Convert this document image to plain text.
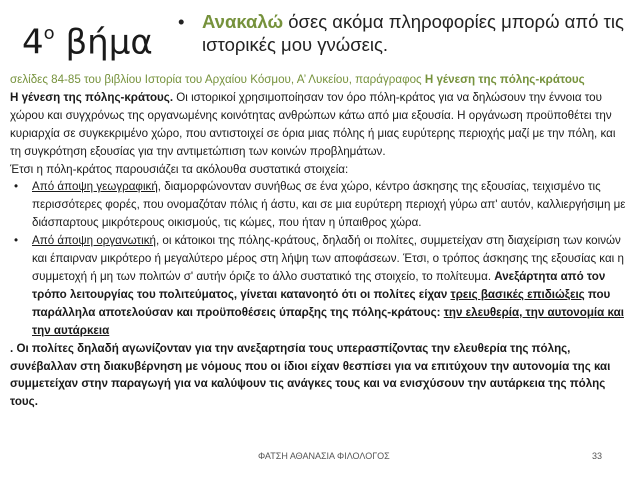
$4^o$ βήμα
• Ανακαλώ όσες ακόμα πληροφορίες μπορώ από τις ιστορικές μου γνώσεις.

σελίδες 84-85 του βιβλίου Ιστορία του Αρχαίου Κόσμου, Α’ Λυκείου, παράγραφος Η γένεση της πόλης-κράτους

Η γένεση της πόλης-κράτους. Οι ιστορικοί χρησιμοποίησαν τον όρο πόλη-κράτος για να δηλώσουν την έννοια του χώρου και συγχρόνως της οργανωμένης κοινότητας ανθρώπων κάτω από μια εξουσία. Η οργάνωση προϋποθέτει την κυριαρχία σε συγκεκριμένο χώρο, που αντιστοιχεί σε όρια μιας πόλης ή μιας ευρύτερης περιοχής μαζί με την πόλη, και τη συγκρότηση εξουσίας για την αντιμετώπιση των κοινών προβλημάτων.

Έτσι η πόλη-κράτος παρουσιάζει τα ακόλουθα συστατικά στοιχεία:

• Από άποψη γεωγραφική, διαμορφώνονταν συνήθως σε ένα χώρο, κέντρο άσκησης της εξουσίας, τειχισμένο τις περισσότερες φορές, που ονομαζόταν πόλις ή άστυ, και σε μια ευρύτερη περιοχή γύρω απ' αυτόν, καλλιεργήσιμη με διάσπαρτους μικρότερους οικισμούς, τις κώμες, που ήταν η ύπαιθρος χώρα.

• Από άποψη οργανωτική, οι κάτοικοι της πόλης-κράτους, δηλαδή οι πολίτες, συμμετείχαν στη διαχείριση των κοινών και έπαιρναν μικρότερο ή μεγαλύτερο μέρος στη λήψη των αποφάσεων. Έτσι, ο τρόπος άσκησης της εξουσίας και η συμμετοχή ή μη των πολιτών σ' αυτήν όριζε το άλλο συστατικό της στοιχείο, το πολίτευμα. Ανεξάρτητα από τον τρόπο λειτουργίας του πολιτεύματος, γίνεται κατανοητό ότι οι πολίτες είχαν τρεις βασικές επιδιώξεις που παράλληλα αποτελούσαν και προϋποθέσεις ύπαρξης της πόλης-κράτους: την ελευθερία, την αυτονομία και την αυτάρκεια

. Οι πολίτες δηλαδή αγωνίζονταν για την ανεξαρτησία τους υπερασπίζοντας την ελευθερία της πόλης, συνέβαλλαν στη διακυβέρνηση με νόμους που οι ίδιοι είχαν θεσπίσει για να επιτύχουν την αυτονομία της και συμμετείχαν στην παραγωγή για να καλύψουν τις ανάγκες τους και να ενισχύσουν την αυτάρκεια της πόλης τους.

ΦΑΤΣΗ ΑΘΑΝΑΣΙΑ ΦΙΛΟΛΟΓΟΣ	33
